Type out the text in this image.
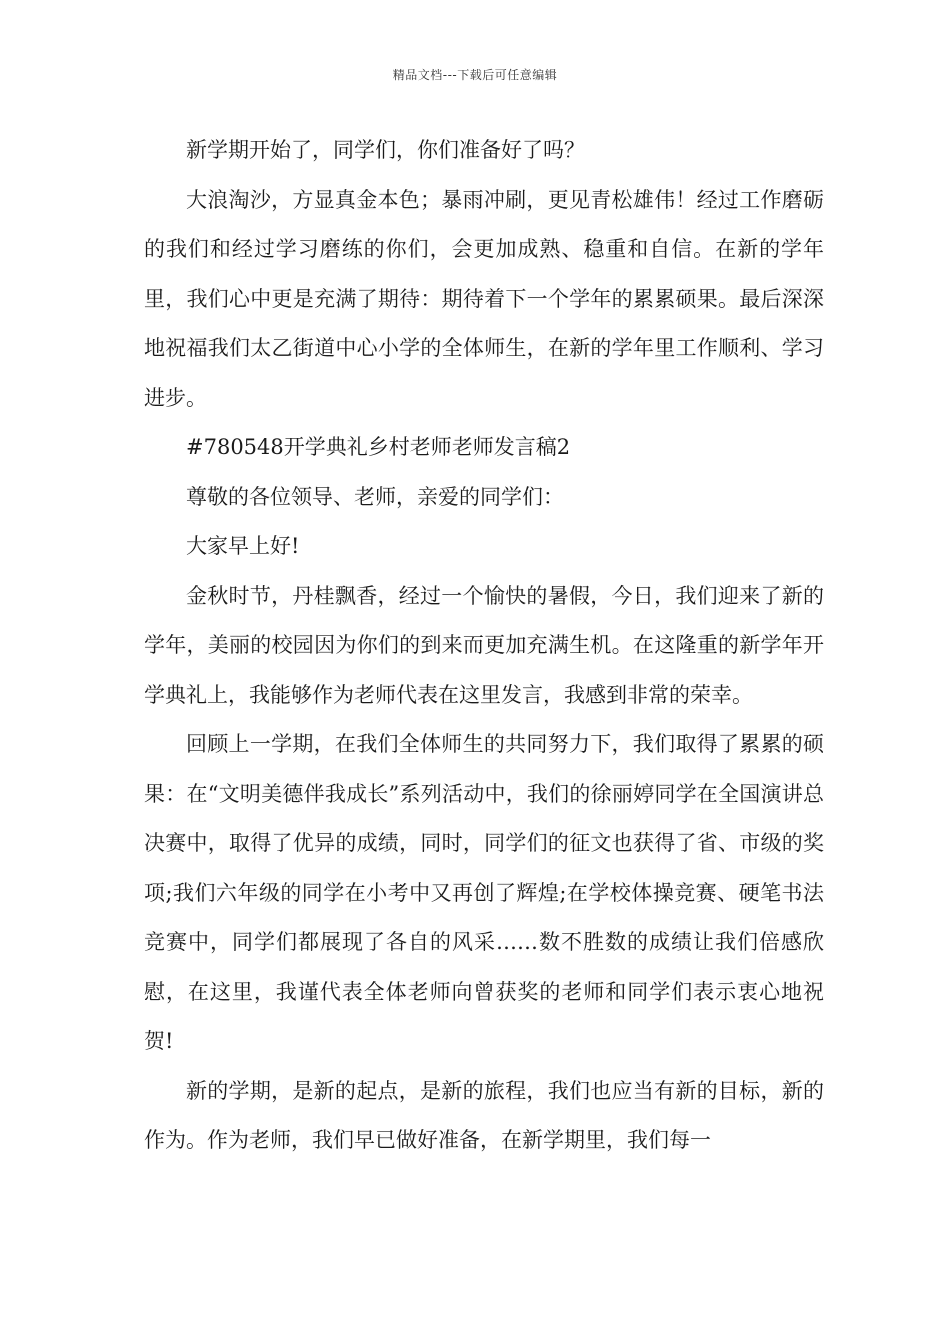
精品文档---下载后可任意编辑

新学期开始了，同学们，你们准备好了吗？

大浪淘沙，方显真金本色；暴雨冲刷，更见青松雄伟！经过工作磨砺的我们和经过学习磨练的你们，会更加成熟、稳重和自信。在新的学年里，我们心中更是充满了期待：期待着下一个学年的累累硕果。最后深深地祝福我们太乙街道中心小学的全体师生，在新的学年里工作顺利、学习进步。

#780548开学典礼乡村老师老师发言稿2

尊敬的各位领导、老师，亲爱的同学们：

大家早上好!

金秋时节，丹桂飘香，经过一个愉快的暑假，今日，我们迎来了新的学年，美丽的校园因为你们的到来而更加充满生机。在这隆重的新学年开学典礼上，我能够作为老师代表在这里发言，我感到非常的荣幸。

回顾上一学期，在我们全体师生的共同努力下，我们取得了累累的硕果：在“文明美德伴我成长”系列活动中，我们的徐丽婷同学在全国演讲总决赛中，取得了优异的成绩，同时，同学们的征文也获得了省、市级的奖项;我们六年级的同学在小考中又再创了辉煌;在学校体操竞赛、硬笔书法竞赛中，同学们都展现了各自的风采……数不胜数的成绩让我们倍感欣慰，在这里，我谨代表全体老师向曾获奖的老师和同学们表示衷心地祝贺!

新的学期，是新的起点，是新的旅程，我们也应当有新的目标，新的作为。作为老师，我们早已做好准备，在新学期里，我们每一
